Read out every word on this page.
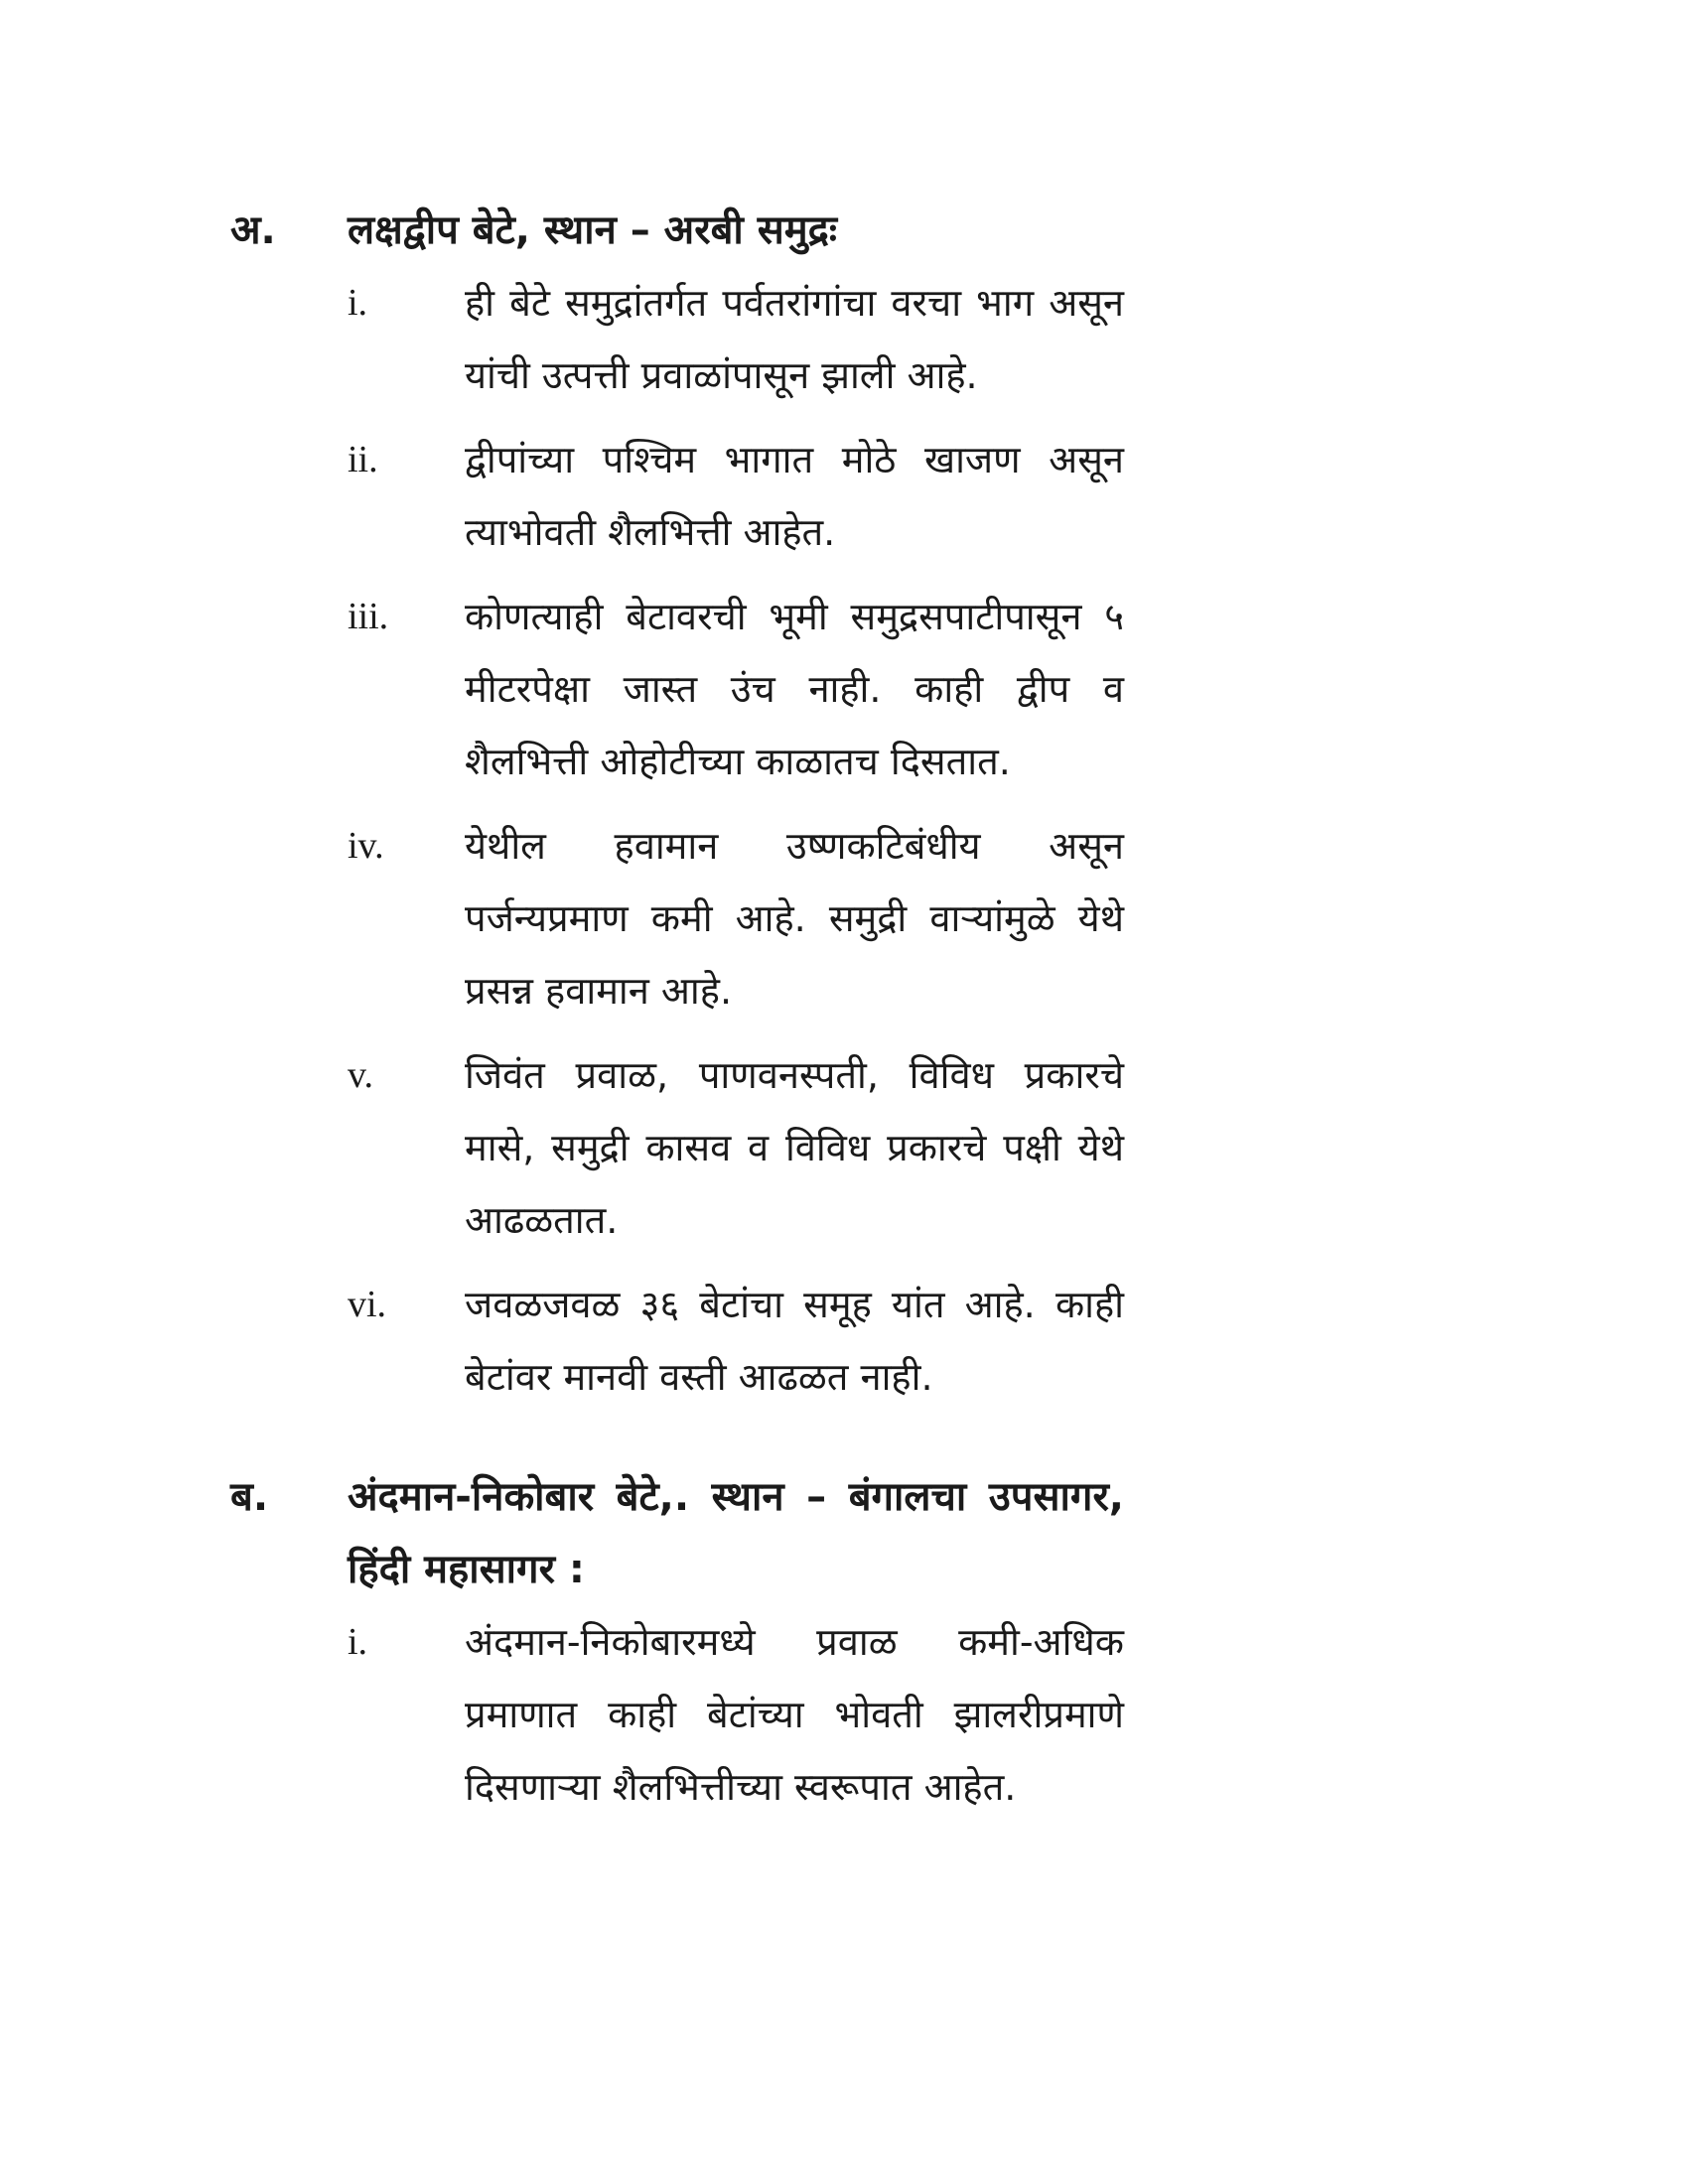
अ.	लक्षद्वीप बेटे, स्थान – अरबी समुद्रः
i.	ही बेटे समुद्रांतर्गत पर्वतरांगांचा वरचा भाग असून यांची उत्पत्ती प्रवाळांपासून झाली आहे.
ii.	द्वीपांच्या पश्चिम भागात मोठे खाजण असून त्याभोवती शैलभित्ती आहेत.
iii.	कोणत्याही बेटावरची भूमी समुद्रसपाटीपासून ५ मीटरपेक्षा जास्त उंच नाही. काही द्वीप व शैलभित्ती ओहोटीच्या काळातच दिसतात.
iv.	येथील हवामान उष्णकटिबंधीय असून पर्जन्यप्रमाण कमी आहे. समुद्री वाऱ्यांमुळे येथे प्रसन्न हवामान आहे.
v.	जिवंत प्रवाळ, पाणवनस्पती, विविध प्रकारचे मासे, समुद्री कासव व विविध प्रकारचे पक्षी येथे आढळतात.
vi.	जवळजवळ ३६ बेटांचा समूह यांत आहे. काही बेटांवर मानवी वस्ती आढळत नाही.
ब.	अंदमान-निकोबार बेटे,. स्थान – बंगालचा उपसागर, हिंदी महासागर :
i.	अंदमान-निकोबारमध्ये प्रवाळ कमी-अधिक प्रमाणात काही बेटांच्या भोवती झालरीप्रमाणे दिसणाऱ्या शैलभित्तीच्या स्वरूपात आहेत.
